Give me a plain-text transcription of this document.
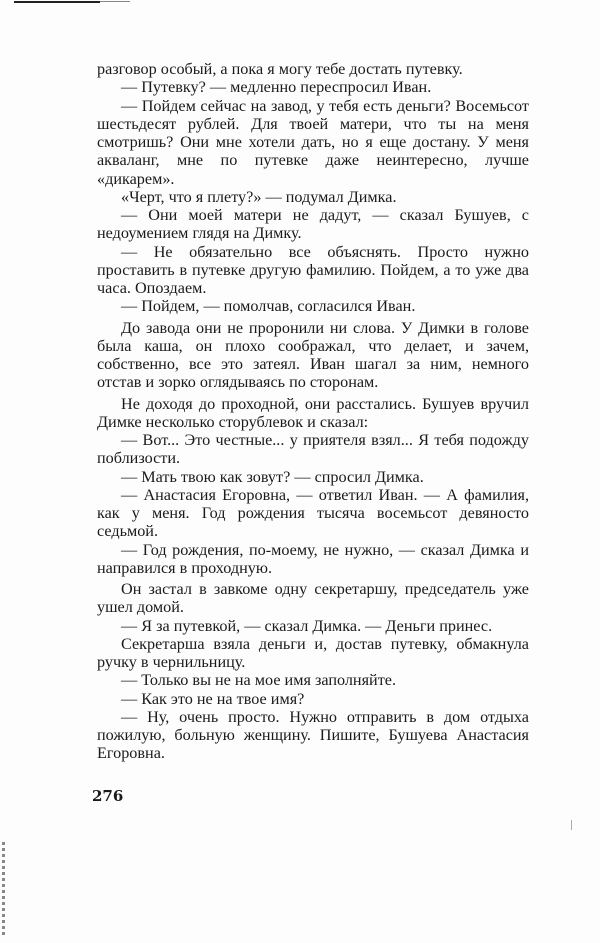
разговор особый, а пока я могу тебе достать путевку.

— Путевку? — медленно переспросил Иван.

— Пойдем сейчас на завод, у тебя есть деньги? Восемьсот шестьдесят рублей. Для твоей матери, что ты на меня смотришь? Они мне хотели дать, но я еще достану. У меня акваланг, мне по путевке даже неинтересно, лучше «дикарем».

«Черт, что я плету?» — подумал Димка.

— Они моей матери не дадут, — сказал Бушуев, с недоумением глядя на Димку.

— Не обязательно все объяснять. Просто нужно проставить в путевке другую фамилию. Пойдем, а то уже два часа. Опоздаем.

— Пойдем, — помолчав, согласился Иван.

До завода они не проронили ни слова. У Димки в голове была каша, он плохо соображал, что делает, и зачем, собственно, все это затеял. Иван шагал за ним, немного отстав и зорко оглядываясь по сторонам.

Не доходя до проходной, они расстались. Бушуев вручил Димке несколько сторублевок и сказал:

— Вот... Это честные... у приятеля взял... Я тебя подожду поблизости.

— Мать твою как зовут? — спросил Димка.

— Анастасия Егоровна, — ответил Иван. — А фамилия, как у меня. Год рождения тысяча восемьсот девяносто седьмой.

— Год рождения, по-моему, не нужно, — сказал Димка и направился в проходную.

Он застал в завкоме одну секретаршу, председатель уже ушел домой.

— Я за путевкой, — сказал Димка. — Деньги принес.

Секретарша взяла деньги и, достав путевку, обмакнула ручку в чернильницу.

— Только вы не на мое имя заполняйте.

— Как это не на твое имя?

— Ну, очень просто. Нужно отправить в дом отдыха пожилую, больную женщину. Пишите, Бушуева Анастасия Егоровна.

276
